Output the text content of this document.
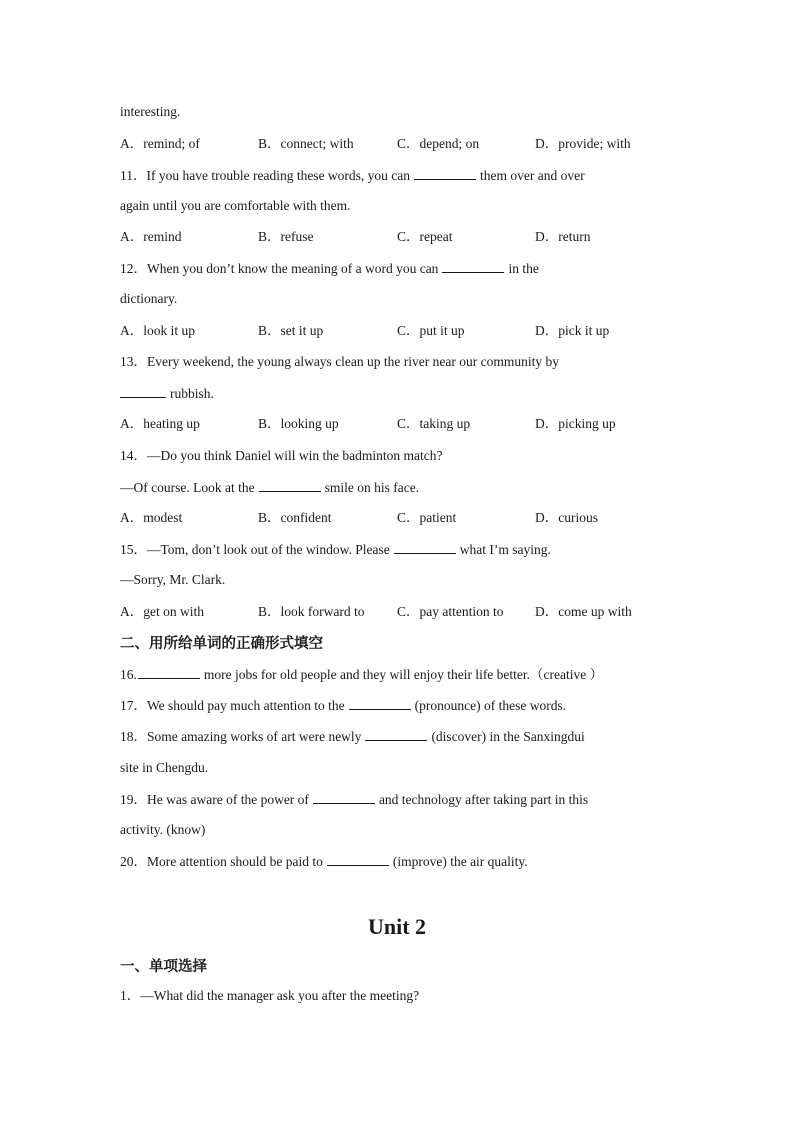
interesting.
A．remind; of	B．connect; with	C．depend; on	D．provide; with
11．If you have trouble reading these words, you can	them over and over
again until you are comfortable with them.
A．remind	B．refuse	C．repeat	D．return
12．When you don’t know the meaning of a word you can	in the
dictionary.
A．look it up	B．set it up	C．put it up	D．pick it up
13．Every weekend, the young always clean up the river near our community by
rubbish.
A．heating up	B．looking up	C．taking up	D．picking up
14．—Do you think Daniel will win the badminton match?
—Of course. Look at the	smile on his face.
A．modest	B．confident	C．patient	D．curious
15．—Tom, don’t look out of the window. Please	what I’m saying.
—Sorry, Mr. Clark.
A．get on with	B．look forward to C．pay attention to D．come up with
二、用所给单词的正确形式填空
16.	more jobs for old people and they will enjoy their life better.（creative ）
17．We should pay much attention to the	(pronounce) of these words.
18．Some amazing works of art were newly	(discover) in the Sanxingdui
site in Chengdu.
19．He was aware of the power of	and technology after taking part in this
activity. (know)
20．More attention should be paid to	(improve) the air quality.
Unit 2
一、单项选择
1．—What did the manager ask you after the meeting?
